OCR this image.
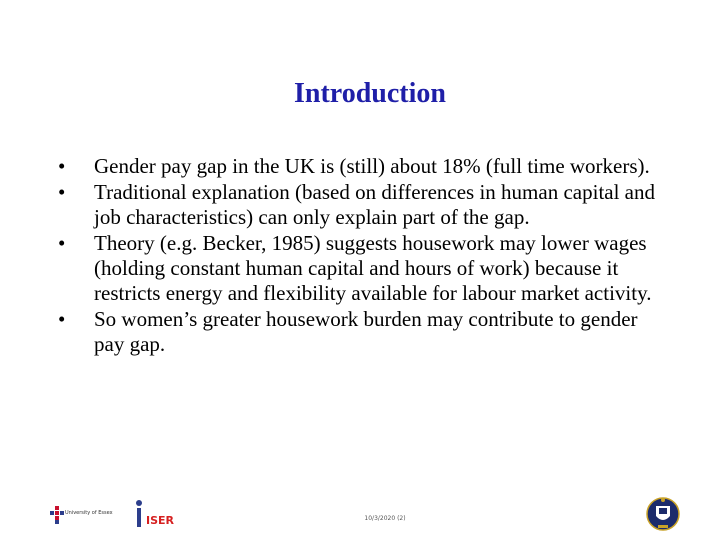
Introduction
• Gender pay gap in the UK is (still) about 18% (full time workers).
• Traditional explanation (based on differences in human capital and job characteristics) can only explain part of the gap.
• Theory (e.g. Becker, 1985) suggests housework may lower wages (holding constant human capital and hours of work) because it restricts energy and flexibility available for labour market activity.
• So women’s greater housework burden may contribute to gender pay gap.
University of Essex
ISER	10/3/2020 (2)
